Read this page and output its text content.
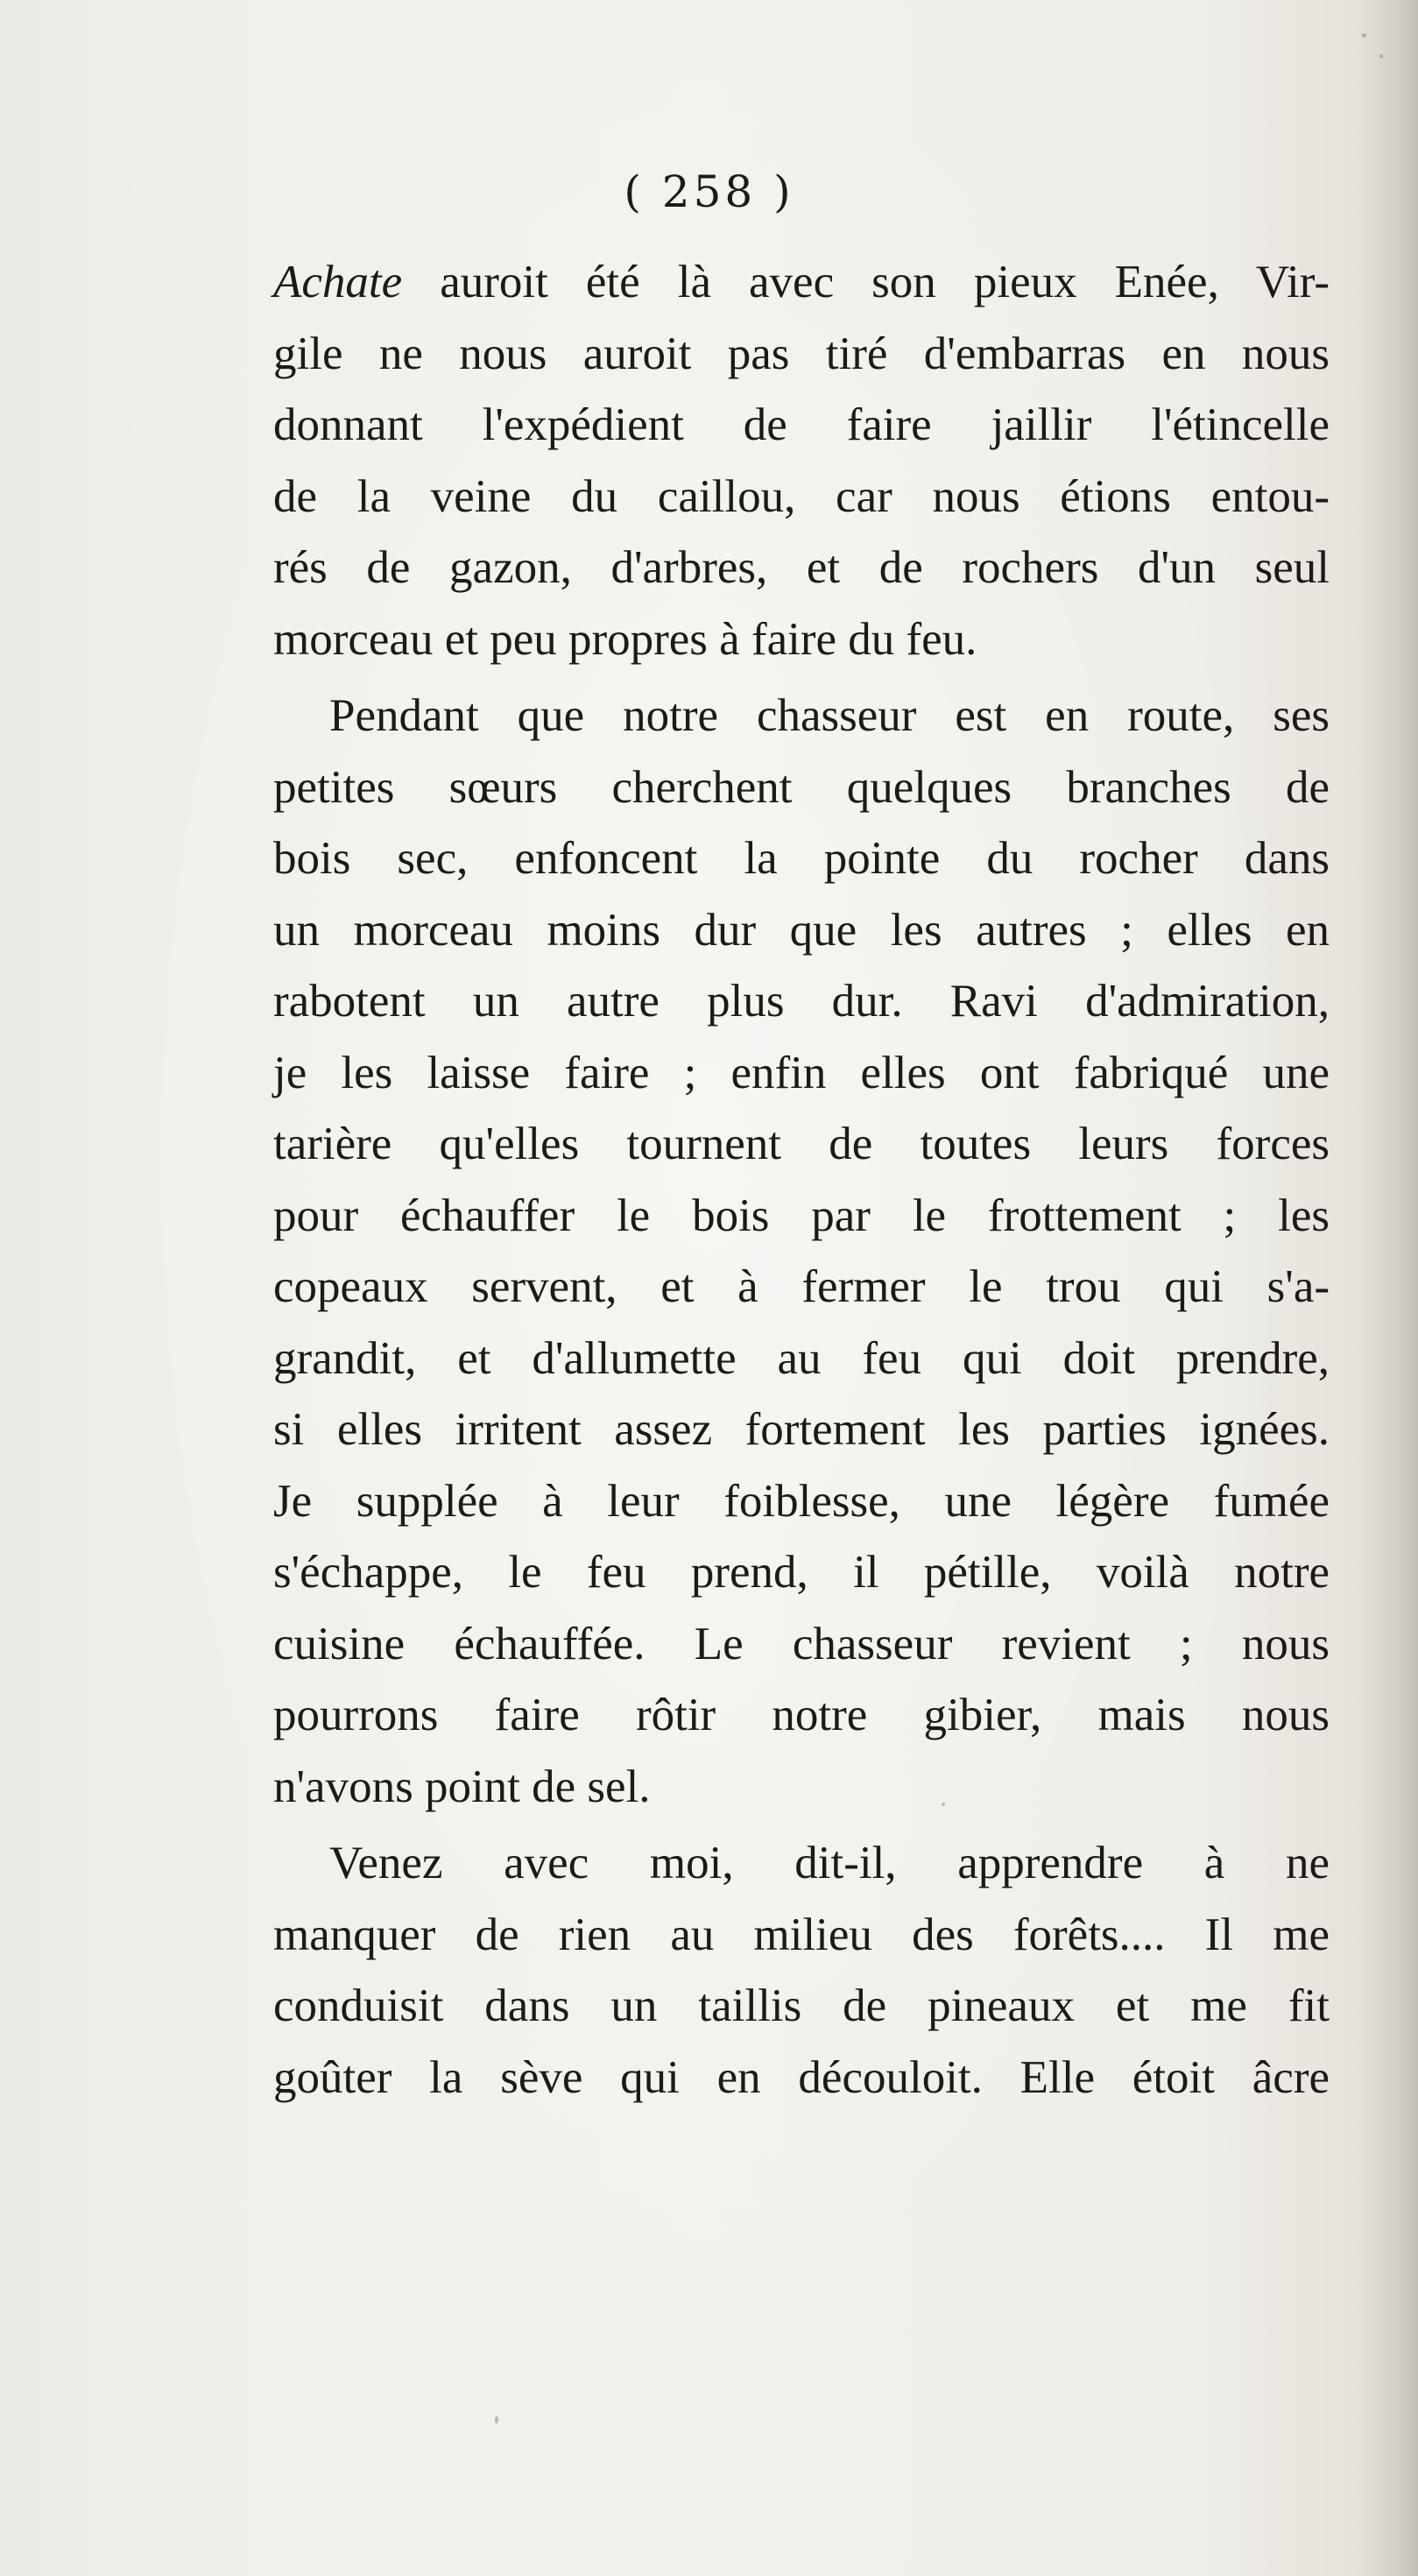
( 258 )
Achate auroit été là avec son pieux Enée, Vir-
gile ne nous auroit pas tiré d'embarras en nous
donnant l'expédient de faire jaillir l'étincelle
de la veine du caillou, car nous étions entou-
rés de gazon, d'arbres, et de rochers d'un seul
morceau et peu propres à faire du feu.
Pendant que notre chasseur est en route, ses
petites sœurs cherchent quelques branches de
bois sec, enfoncent la pointe du rocher dans
un morceau moins dur que les autres ; elles en
rabotent un autre plus dur. Ravi d'admiration,
je les laisse faire ; enfin elles ont fabriqué une
tarière qu'elles tournent de toutes leurs forces
pour échauffer le bois par le frottement ; les
copeaux servent, et à fermer le trou qui s'a-
grandit, et d'allumette au feu qui doit prendre,
si elles irritent assez fortement les parties ignées.
Je supplée à leur foiblesse, une légère fumée
s'échappe, le feu prend, il pétille, voilà notre
cuisine échauffée. Le chasseur revient ; nous
pourrons faire rôtir notre gibier, mais nous
n'avons point de sel.
Venez avec moi, dit-il, apprendre à ne
manquer de rien au milieu des forêts.... Il me
conduisit dans un taillis de pineaux et me fit
goûter la sève qui en découloit. Elle étoit âcre
